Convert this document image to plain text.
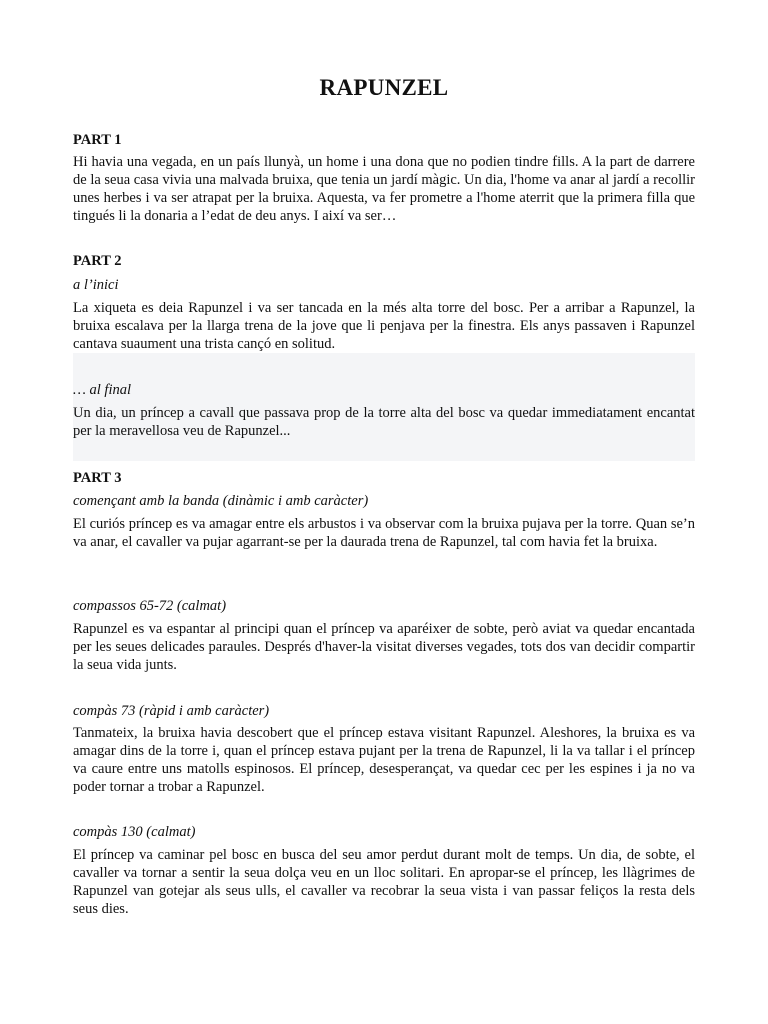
RAPUNZEL
PART 1
Hi havia una vegada, en un país llunyà, un home i una dona que no podien tindre fills. A la part de darrere de la seua casa vivia una malvada bruixa, que tenia un jardí màgic. Un dia, l'home va anar al jardí a recollir unes herbes i va ser atrapat per la bruixa. Aquesta, va fer prometre a l'home aterrit que la primera filla que tingués li la donaria a l’edat de deu anys. I així va ser…
PART 2
a l’inici
La xiqueta es deia Rapunzel i va ser tancada en la més alta torre del bosc. Per a arribar a Rapunzel, la bruixa escalava per la llarga trena de la jove que li penjava per la finestra. Els anys passaven i Rapunzel cantava suaument una trista cançó en solitud.
… al final
Un dia, un príncep a cavall que passava prop de la torre alta del bosc va quedar immediatament encantat per la meravellosa veu de Rapunzel...
PART 3
començant amb la banda (dinàmic i amb caràcter)
El curiós príncep es va amagar entre els arbustos i va observar com la bruixa pujava per la torre. Quan se’n va anar, el cavaller va pujar agarrant-se per la daurada trena de Rapunzel, tal com havia fet la bruixa.
compassos 65-72 (calmat)
Rapunzel es va espantar al principi quan el príncep va aparéixer de sobte, però aviat va quedar encantada per les seues delicades paraules. Després d'haver-la visitat diverses vegades, tots dos van decidir compartir la seua vida junts.
compàs 73 (ràpid i amb caràcter)
Tanmateix, la bruixa havia descobert que el príncep estava visitant Rapunzel. Aleshores, la bruixa es va amagar dins de la torre i, quan el príncep estava pujant per la trena de Rapunzel, li la va tallar i el príncep va caure entre uns matolls espinosos. El príncep, desesperançat, va quedar cec per les espines i ja no va poder tornar a trobar a Rapunzel.
compàs 130 (calmat)
El príncep va caminar pel bosc en busca del seu amor perdut durant molt de temps. Un dia, de sobte, el cavaller va tornar a sentir la seua dolça veu en un lloc solitari. En apropar-se el príncep, les llàgrimes de Rapunzel van gotejar als seus ulls, el cavaller va recobrar la seua vista i van passar feliços la resta dels seus dies.
